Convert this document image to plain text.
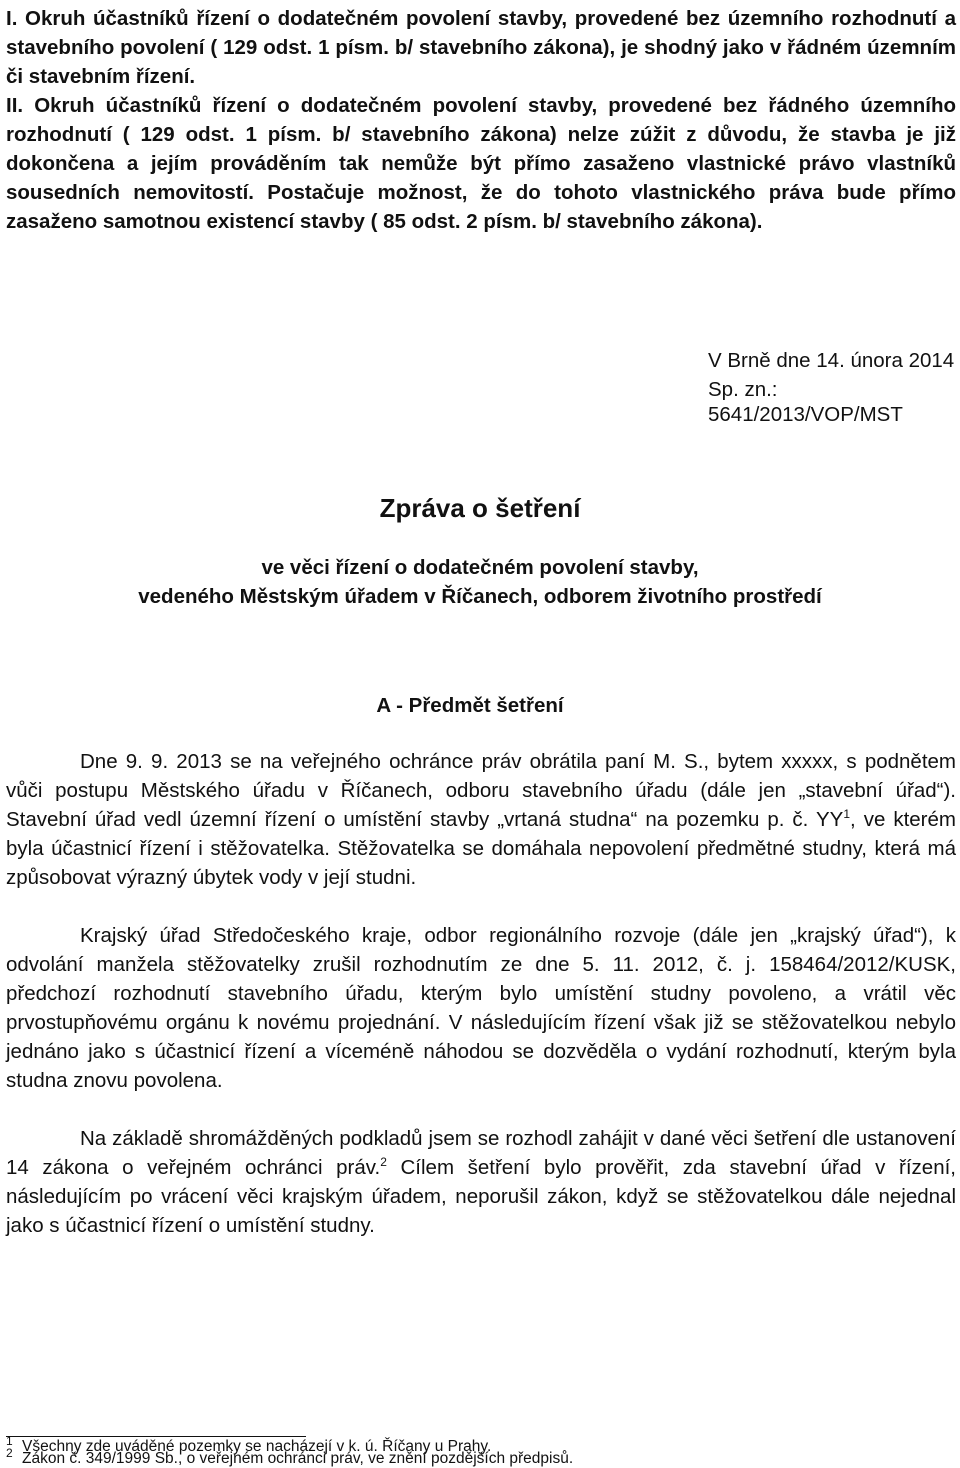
I. Okruh účastníků řízení o dodatečném povolení stavby, provedené bez územního rozhodnutí a stavebního povolení ( 129 odst. 1 písm. b/ stavebního zákona), je shodný jako v řádném územním či stavebním řízení.

II. Okruh účastníků řízení o dodatečném povolení stavby, provedené bez řádného územního rozhodnutí ( 129 odst. 1 písm. b/ stavebního zákona) nelze zúžit z důvodu, že stavba je již dokončena a jejím prováděním tak nemůže být přímo zasaženo vlastnické právo vlastníků sousedních nemovitostí. Postačuje možnost, že do tohoto vlastnického práva bude přímo zasaženo samotnou existencí stavby ( 85 odst. 2 písm. b/ stavebního zákona).

V Brně dne 14. února 2014
Sp. zn.: 5641/2013/VOP/MST
Zpráva o šetření
ve věci řízení o dodatečném povolení stavby,
vedeného Městským úřadem v Říčanech, odborem životního prostředí
A - Předmět šetření

Dne 9. 9. 2013 se na veřejného ochránce práv obrátila paní M. S., bytem xxxxx, s podnětem vůči postupu Městského úřadu v Říčanech, odboru stavebního úřadu (dále jen „stavební úřad“). Stavební úřad vedl územní řízení o umístění stavby „vrtaná studna“ na pozemku p. č. $YY^1$, ve kterém byla účastnicí řízení i stěžovatelka. Stěžovatelka se domáhala nepovolení předmětné studny, která má způsobovat výrazný úbytek vody v její studni.

Krajský úřad Středočeského kraje, odbor regionálního rozvoje (dále jen „krajský úřad“), k odvolání manžela stěžovatelky zrušil rozhodnutím ze dne 5. 11. 2012, č. j. 158464/2012/KUSK, předchozí rozhodnutí stavebního úřadu, kterým bylo umístění studny povoleno, a vrátil věc prvostupňovému orgánu k novému projednání. V následujícím řízení však již se stěžovatelkou nebylo jednáno jako s účastnicí řízení a víceméně náhodou se dozvěděla o vydání rozhodnutí, kterým byla studna znovu povolena.

Na základě shromážděných podkladů jsem se rozhodl zahájit v dané věci šetření dle ustanovení 14 zákona o veřejném ochránci práv.$^2$ Cílem šetření bylo prověřit, zda stavební úřad v řízení, následujícím po vrácení věci krajským úřadem, neporušil zákon, když se stěžovatelkou dále nejednal jako s účastnicí řízení o umístění studny.

$^1$ Všechny zde uváděné pozemky se nacházejí v k. ú. Říčany u Prahy.
$^2$ Zákon č. 349/1999 Sb., o veřejném ochránci práv, ve znění pozdějších předpisů.
